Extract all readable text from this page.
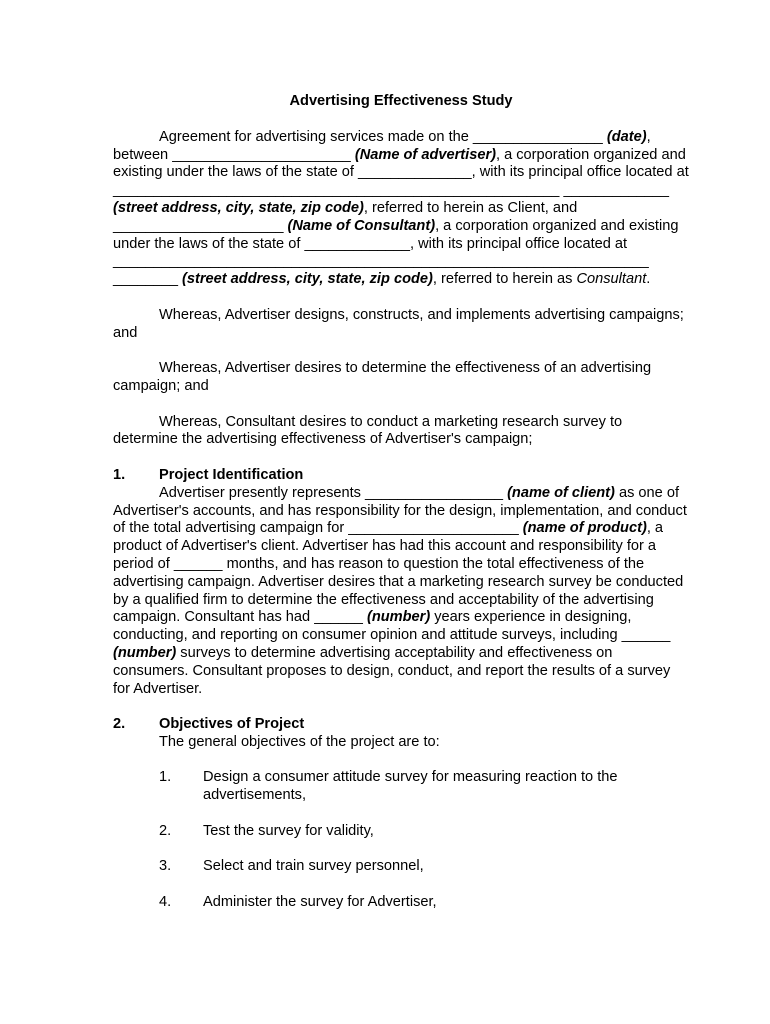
Advertising Effectiveness Study

Agreement for advertising services made on the ________________ (date), between ______________________ (Name of advertiser), a corporation organized and existing under the laws of the state of ______________, with its principal office located at _______________________________________________________ _____________ (street address, city, state, zip code), referred to herein as Client, and _____________________ (Name of Consultant), a corporation organized and existing under the laws of the state of _____________, with its principal office located at __________________________________________________________________ ________ (street address, city, state, zip code), referred to herein as Consultant.

Whereas, Advertiser designs, constructs, and implements advertising campaigns; and

Whereas, Advertiser desires to determine the effectiveness of an advertising campaign; and

Whereas, Consultant desires to conduct a marketing research survey to determine the advertising effectiveness of Advertiser's campaign;

1.	Project Identification

Advertiser presently represents _________________ (name of client) as one of Advertiser's accounts, and has responsibility for the design, implementation, and conduct of the total advertising campaign for _____________________ (name of product), a product of Advertiser's client. Advertiser has had this account and responsibility for a period of ______ months, and has reason to question the total effectiveness of the advertising campaign. Advertiser desires that a marketing research survey be conducted by a qualified firm to determine the effectiveness and acceptability of the advertising campaign. Consultant has had ______ (number) years experience in designing, conducting, and reporting on consumer opinion and attitude surveys, including ______ (number) surveys to determine advertising acceptability and effectiveness on consumers. Consultant proposes to design, conduct, and report the results of a survey for Advertiser.

2.	Objectives of Project

The general objectives of the project are to:

1.	Design a consumer attitude survey for measuring reaction to the advertisements,
2.	Test the survey for validity,
3.	Select and train survey personnel,
4.	Administer the survey for Advertiser,
